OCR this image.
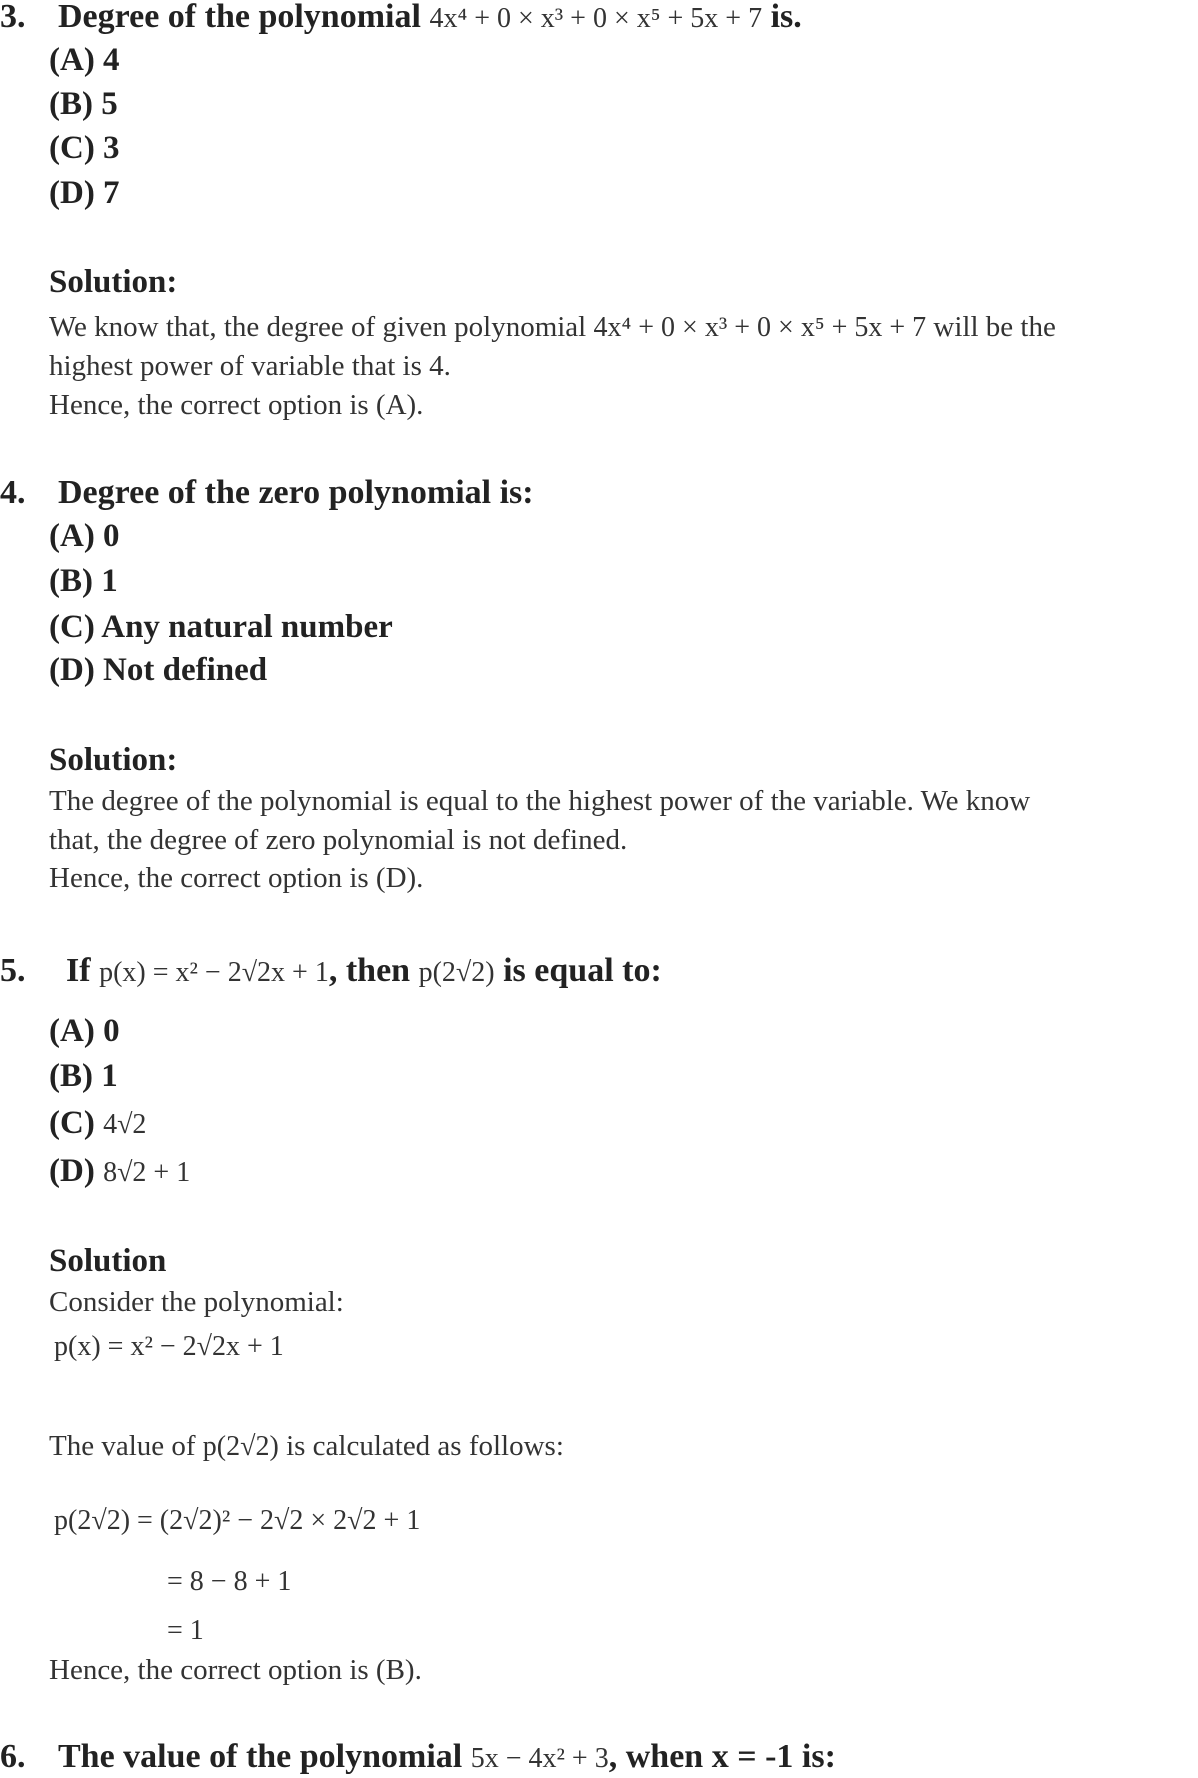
3. Degree of the polynomial 4x⁴ + 0 × x³ + 0 × x⁵ + 5x + 7 is.
(A) 4
(B) 5
(C) 3
(D) 7
Solution:
We know that, the degree of given polynomial 4x⁴ + 0 × x³ + 0 × x⁵ + 5x + 7 will be the
highest power of variable that is 4.
Hence, the correct option is (A).
4. Degree of the zero polynomial is:
(A) 0
(B) 1
(C) Any natural number
(D) Not defined
Solution:
The degree of the polynomial is equal to the highest power of the variable. We know
that, the degree of zero polynomial is not defined.
Hence, the correct option is (D).
5. If p(x) = x² − 2√2x + 1, then p(2√2) is equal to:
(A) 0
(B) 1
(C) 4√2
(D) 8√2 + 1
Solution
Consider the polynomial:
p(x) = x² − 2√2x + 1
The value of p(2√2) is calculated as follows:
p(2√2) = (2√2)² − 2√2 × 2√2 + 1
= 8 − 8 + 1
= 1
Hence, the correct option is (B).
6. The value of the polynomial 5x − 4x² + 3, when x = -1 is:
